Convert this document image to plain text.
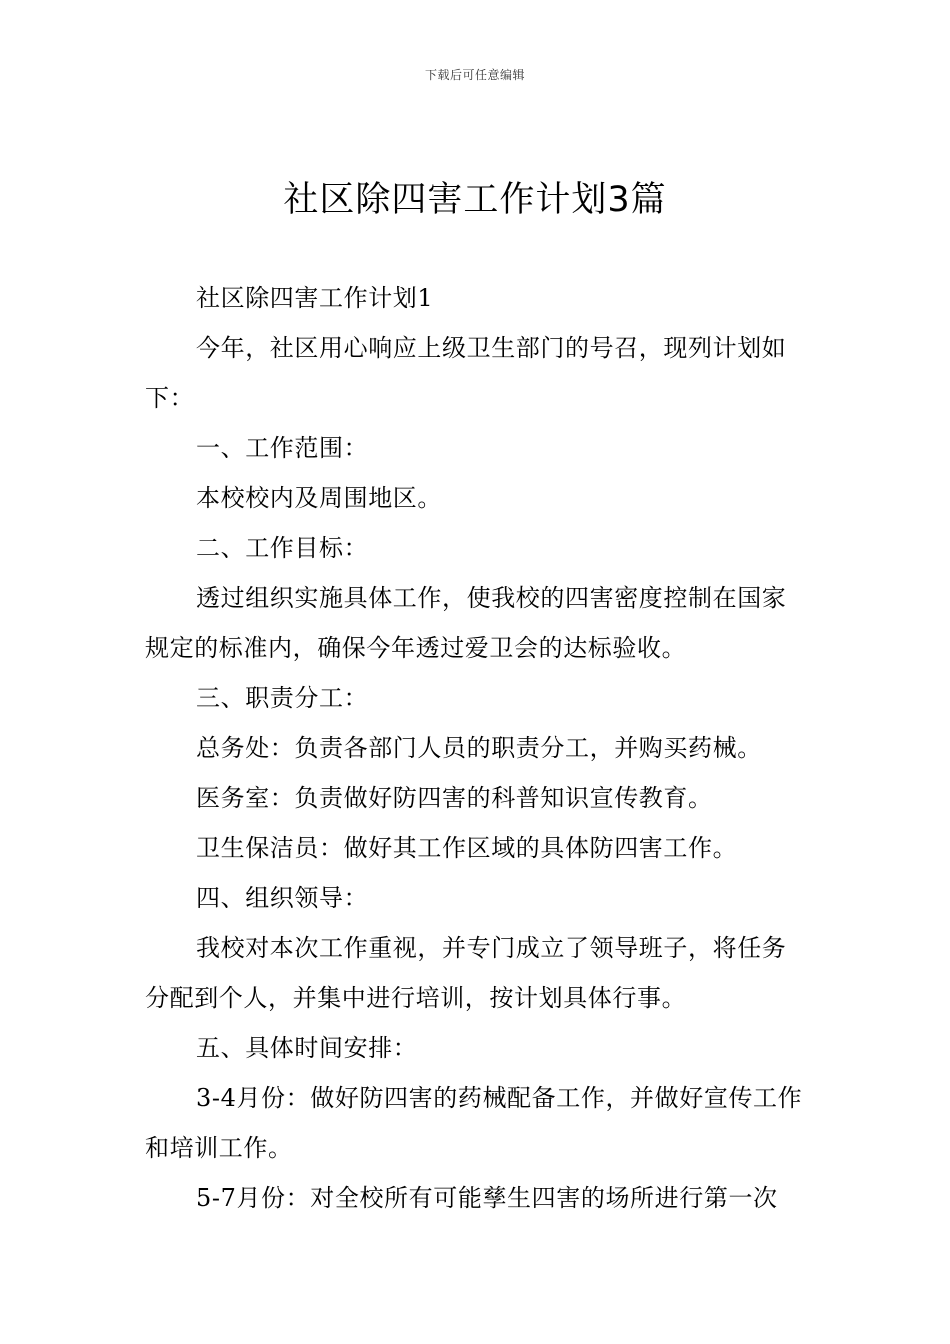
下载后可任意编辑
社区除四害工作计划3篇

社区除四害工作计划1

今年，社区用心响应上级卫生部门的号召，现列计划如下：

一、工作范围：

本校校内及周围地区。

二、工作目标：

透过组织实施具体工作，使我校的四害密度控制在国家规定的标准内，确保今年透过爱卫会的达标验收。

三、职责分工：

总务处：负责各部门人员的职责分工，并购买药械。

医务室：负责做好防四害的科普知识宣传教育。

卫生保洁员：做好其工作区域的具体防四害工作。

四、组织领导：

我校对本次工作重视，并专门成立了领导班子，将任务分配到个人，并集中进行培训，按计划具体行事。

五、具体时间安排：

3-4月份：做好防四害的药械配备工作，并做好宣传工作和培训工作。

5-7月份：对全校所有可能孳生四害的场所进行第一次
